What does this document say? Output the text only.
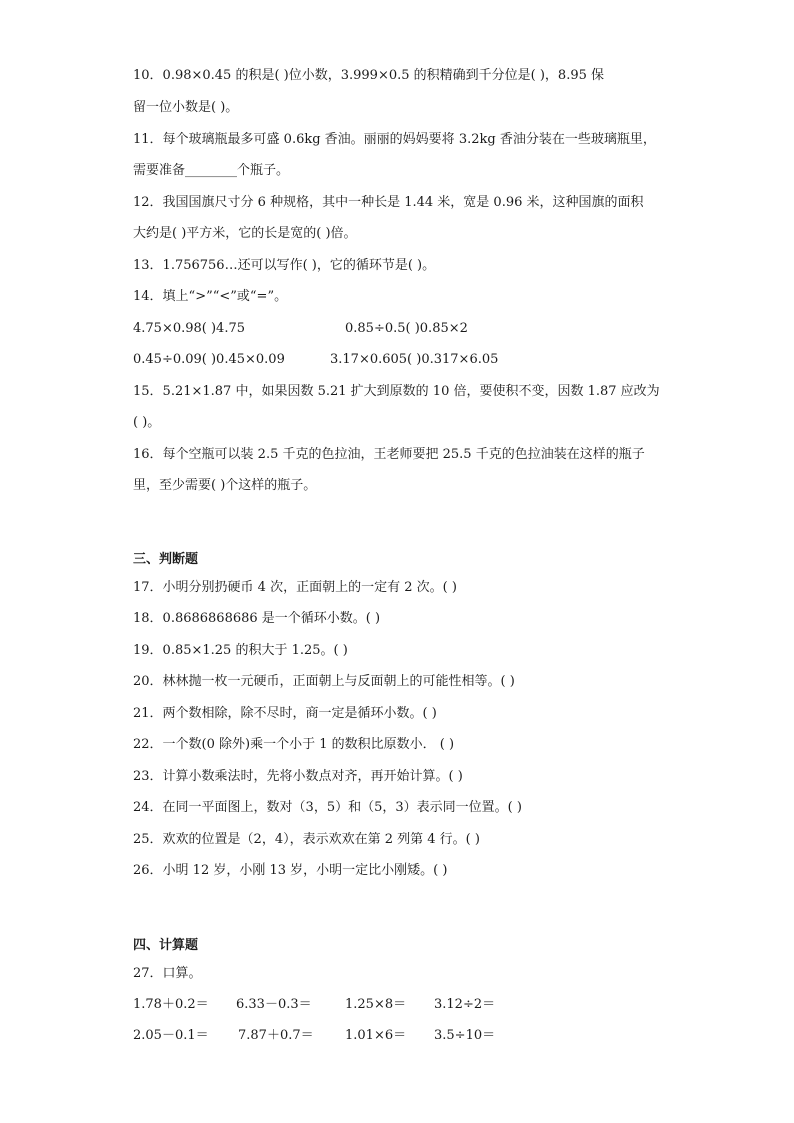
10．0.98×0.45 的积是( )位小数，3.999×0.5 的积精确到千分位是( )，8.95 保
留一位小数是( )。
11．每个玻璃瓶最多可盛 0.6kg 香油。丽丽的妈妈要将 3.2kg 香油分装在一些玻璃瓶里，
需要准备________个瓶子。
12．我国国旗尺寸分 6 种规格，其中一种长是 1.44 米，宽是 0.96 米，这种国旗的面积
大约是( )平方米，它的长是宽的( )倍。
13．1.756756…还可以写作( )，它的循环节是( )。
14．填上“>”“<”或“=”。
4.75×0.98( )4.75	0.85÷0.5( )0.85×2
0.45÷0.09( )0.45×0.09	3.17×0.605( )0.317×6.05
15．5.21×1.87 中，如果因数 5.21 扩大到原数的 10 倍，要使积不变，因数 1.87 应改为
( )。
16．每个空瓶可以装 2.5 千克的色拉油，王老师要把 25.5 千克的色拉油装在这样的瓶子
里，至少需要( )个这样的瓶子。
三、判断题
17．小明分别扔硬币 4 次，正面朝上的一定有 2 次。( )
18．0.8686868686 是一个循环小数。( )
19．0.85×1.25 的积大于 1.25。( )
20．林林抛一枚一元硬币，正面朝上与反面朝上的可能性相等。( )
21．两个数相除，除不尽时，商一定是循环小数。( )
22．一个数(0 除外)乘一个小于 1 的数积比原数小． ( )
23．计算小数乘法时，先将小数点对齐，再开始计算。( )
24．在同一平面图上，数对（3，5）和（5，3）表示同一位置。( )
25．欢欢的位置是（2，4），表示欢欢在第 2 列第 4 行。( )
26．小明 12 岁，小刚 13 岁，小明一定比小刚矮。( )
四、计算题
27．口算。
1.78＋0.2＝ 6.33－0.3＝	1.25×8＝ 3.12÷2＝
2.05－0.1＝ 7.87＋0.7＝ 1.01×6＝ 3.5÷10＝
